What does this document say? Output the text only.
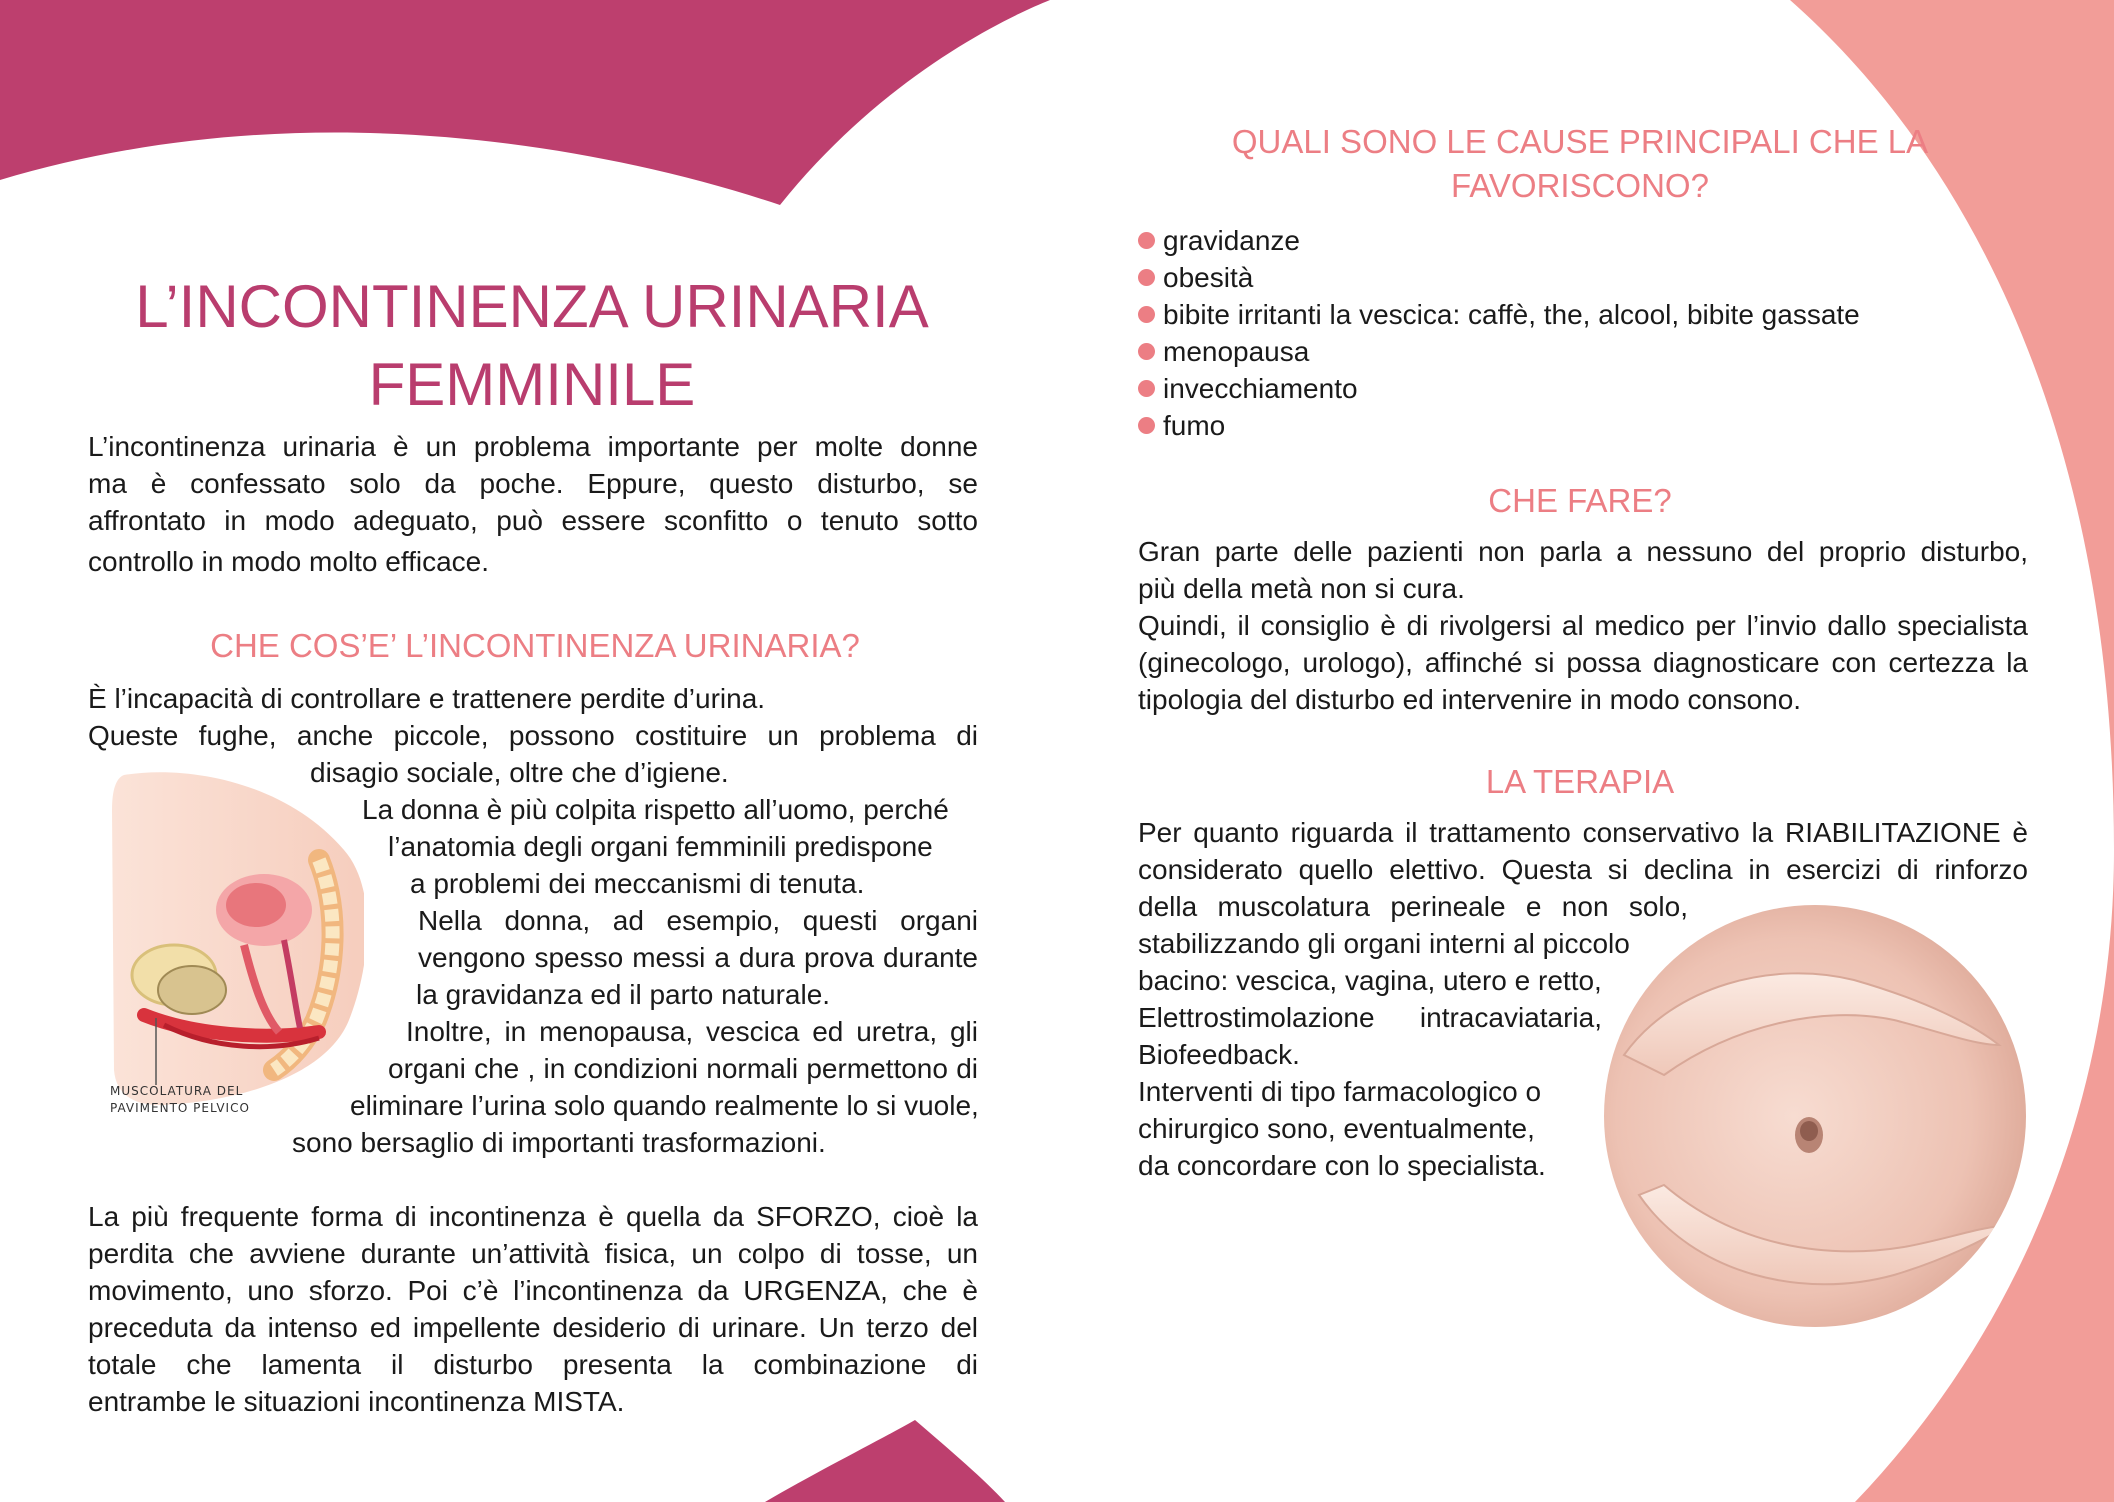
L’INCONTINENZA URINARIA
FEMMINILE
L’incontinenza urinaria è un problema importante per molte donne
ma è confessato solo da poche. Eppure, questo disturbo, se
affrontato in modo adeguato, può essere sconfitto o tenuto sotto
controllo in modo molto efficace.
CHE COS’E’ L’INCONTINENZA URINARIA?
È l’incapacità di controllare e trattenere perdite d’urina.
Queste fughe, anche piccole, possono costituire un problema di
disagio sociale, oltre che d’igiene.
La donna è più colpita rispetto all’uomo, perché
l’anatomia degli organi femminili predispone
a problemi dei meccanismi di tenuta.
Nella donna, ad esempio, questi organi
vengono spesso messi a dura prova durante
la gravidanza ed il parto naturale.
Inoltre, in menopausa, vescica ed uretra, gli
organi che , in condizioni normali permettono di
eliminare l’urina solo quando realmente lo si vuole,
sono bersaglio di importanti trasformazioni.
MUSCOLATURA DEL
PAVIMENTO PELVICO
La più frequente forma di incontinenza è quella da SFORZO, cioè la
perdita che avviene durante un’attività fisica, un colpo di tosse, un
movimento, uno sforzo. Poi c’è l’incontinenza da URGENZA, che è
preceduta da intenso ed impellente desiderio di urinare. Un terzo del
totale che lamenta il disturbo presenta la combinazione di
entrambe le situazioni incontinenza MISTA.
QUALI SONO LE CAUSE PRINCIPALI CHE LA
FAVORISCONO?
gravidanze
obesità
bibite irritanti la vescica: caffè, the, alcool, bibite gassate
menopausa
invecchiamento
fumo
CHE FARE?
Gran parte delle pazienti non parla a nessuno del proprio disturbo,
più della metà non si cura.
Quindi, il consiglio è di rivolgersi al medico per l’invio dallo specialista
(ginecologo, urologo), affinché si possa diagnosticare con certezza la
tipologia del disturbo ed intervenire in modo consono.
LA TERAPIA
Per quanto riguarda il trattamento conservativo la RIABILITAZIONE è
considerato quello elettivo. Questa si declina in esercizi di rinforzo
della muscolatura perineale e non solo,
stabilizzando gli organi interni al piccolo
bacino: vescica, vagina, utero e retto,
Elettrostimolazione intracaviataria,
Biofeedback.
Interventi di tipo farmacologico o
chirurgico sono, eventualmente,
da concordare con lo specialista.
